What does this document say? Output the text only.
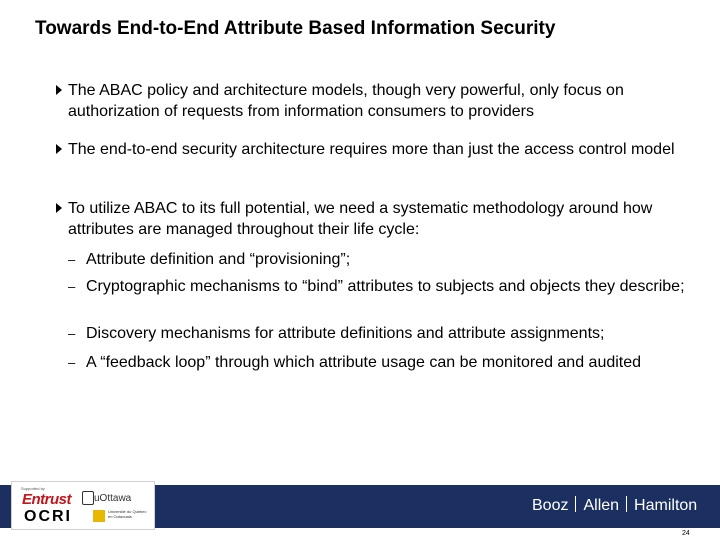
Towards End-to-End Attribute Based Information Security
The ABAC policy and architecture models, though very powerful, only focus on authorization of requests from information consumers to providers
The end-to-end security architecture requires more than just the access control model
To utilize ABAC to its full potential, we need a systematic methodology around how attributes are managed throughout their life cycle:
– Attribute definition and “provisioning”;
– Cryptographic mechanisms to “bind” attributes to subjects and objects they describe;
– Discovery mechanisms for attribute definitions and attribute assignments;
– A “feedback loop” through which attribute usage can be monitored and audited
Supported by
Entrust uOttawa
OCRI	Université du Québec en Outaouais
Booz Allen Hamilton
24
